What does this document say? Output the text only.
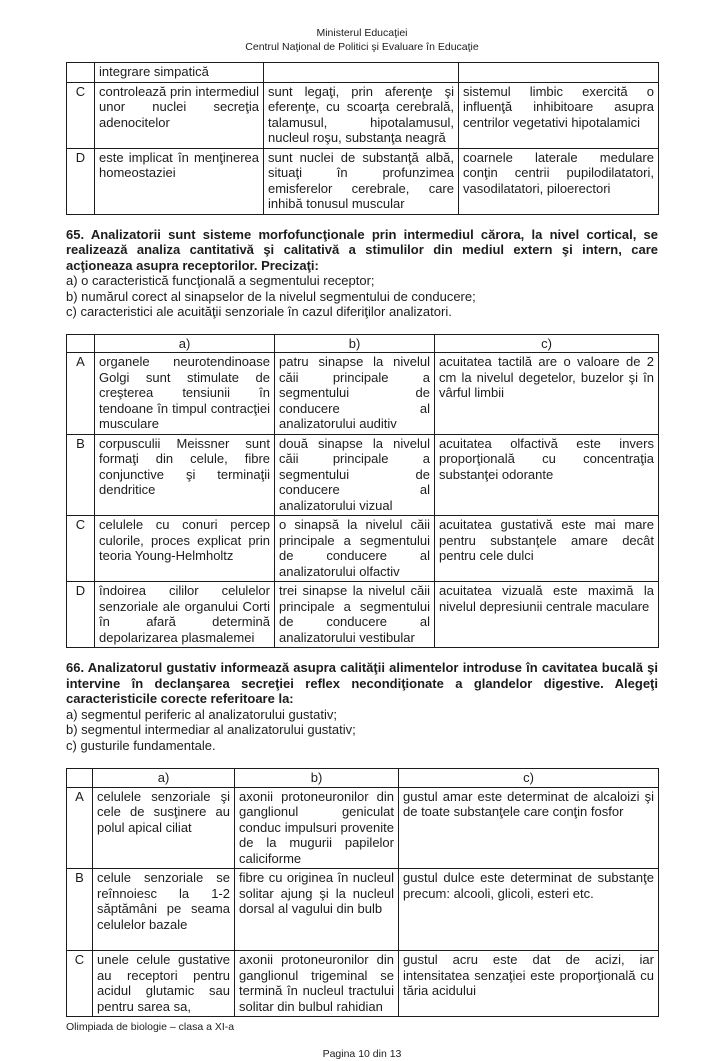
Ministerul Educaţiei
Centrul Naţional de Politici şi Evaluare în Educaţie
	integrare simpatică		
C	controlează prin intermediul unor nuclei secreţia adenocitelor	sunt legaţi, prin aferenţe şi eferenţe, cu scoarţa cerebrală, talamusul, hipotalamusul, nucleul roşu, substanţa neagră	sistemul limbic exercită o influenţă inhibitoare asupra centrilor vegetativi hipotalamici
D	este implicat în menţinerea homeostaziei	sunt nuclei de substanţă albă, situaţi în profunzimea emisferelor cerebrale, care inhibă tonusul muscular	coarnele laterale medulare conţin centrii pupilodilatatori, vasodilatatori, piloerectori

65. Analizatorii sunt sisteme morfofuncţionale prin intermediul cărora, la nivel cortical, se realizează analiza cantitativă şi calitativă a stimulilor din mediul extern şi intern, care acţioneaza asupra receptorilor. Precizaţi:

a) o caracteristică funcţională a segmentului receptor;
b) numărul corect al sinapselor de la nivelul segmentului de conducere;
c) caracteristici ale acuităţii senzoriale în cazul diferiţilor analizatori.
	a)	b)	c)
A	organele neurotendinoase Golgi sunt stimulate de creşterea tensiunii în tendoane în timpul contracţiei musculare	patru sinapse la nivelul căii principale a segmentului de conducere al analizatorului auditiv	acuitatea tactilă are o valoare de 2 cm la nivelul degetelor, buzelor şi în vârful limbii
B	corpusculii Meissner sunt formaţi din celule, fibre conjunctive şi terminaţii dendritice	două sinapse la nivelul căii principale a segmentului de conducere al analizatorului vizual	acuitatea olfactivă este invers proporţională cu concentraţia substanţei odorante
C	celulele cu conuri percep culorile, proces explicat prin teoria Young-Helmholtz	o sinapsă la nivelul căii principale a segmentului de conducere al analizatorului olfactiv	acuitatea gustativă este mai mare pentru substanţele amare decât pentru cele dulci
D	îndoirea cililor celulelor senzoriale ale organului Corti în afară determină depolarizarea plasmalemei	trei sinapse la nivelul căii principale a segmentului de conducere al analizatorului vestibular	acuitatea vizuală este maximă la nivelul depresiunii centrale maculare

66. Analizatorul gustativ informează asupra calităţii alimentelor introduse în cavitatea bucală şi intervine în declanşarea secreţiei reflex necondiţionate a glandelor digestive. Alegeţi caracteristicile corecte referitoare la:

a) segmentul periferic al analizatorului gustativ;
b) segmentul intermediar al analizatorului gustativ;
c) gusturile fundamentale.
	a)	b)	c)
A	celulele senzoriale şi cele de susţinere au polul apical ciliat	axonii protoneuronilor din ganglionul geniculat conduc impulsuri provenite de la mugurii papilelor caliciforme	gustul amar este determinat de alcaloizi şi de toate substanţele care conţin fosfor
B	celule senzoriale se reînnoiesc la 1-2 săptămâni pe seama celulelor bazale	fibre cu originea în nucleul solitar ajung şi la nucleul dorsal al vagului din bulb	gustul dulce este determinat de substanţe precum: alcooli, glicoli, esteri etc.
C	unele celule gustative au receptori pentru acidul glutamic sau pentru sarea sa,	axonii protoneuronilor din ganglionul trigeminal se termină în nucleul tractului solitar din bulbul rahidian	gustul acru este dat de acizi, iar intensitatea senzaţiei este proporţională cu tăria acidului
Olimpiada de biologie – clasa a XI-a
Pagina 10 din 13
